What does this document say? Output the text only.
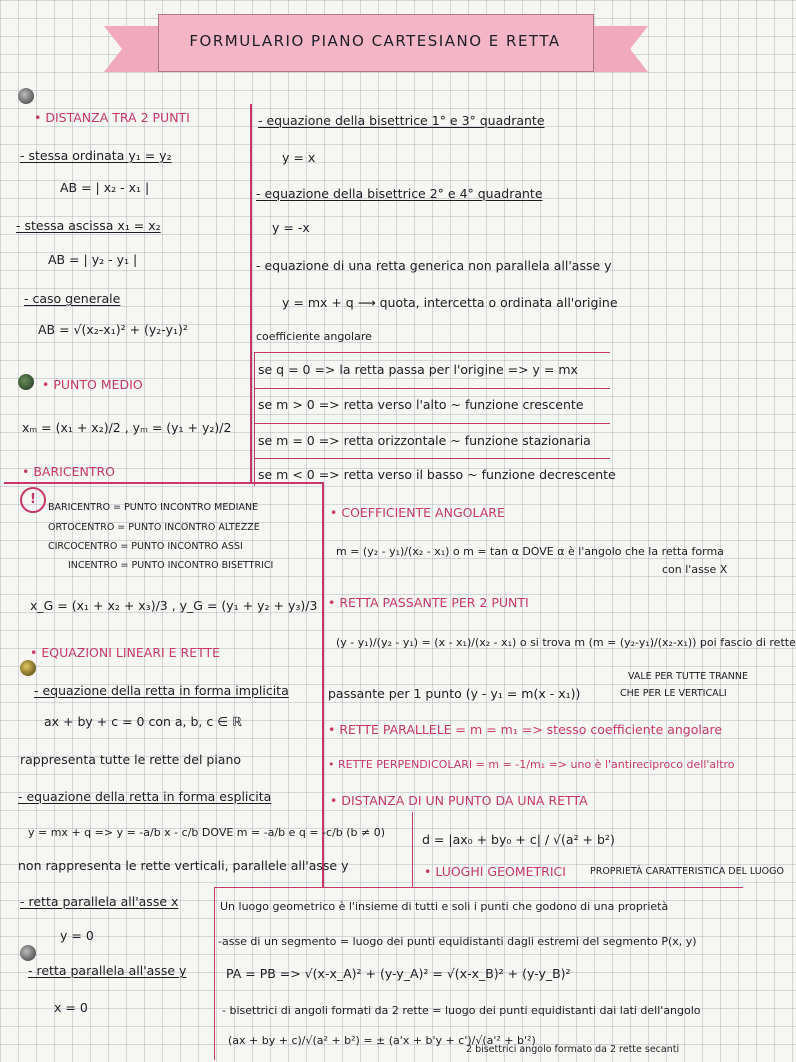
FORMULARIO PIANO CARTESIANO E RETTA
• DISTANZA TRA 2 PUNTI
- stessa ordinata y₁ = y₂
AB = | x₂ - x₁ |
- stessa ascissa x₁ = x₂
AB = | y₂ - y₁ |
- caso generale
AB = √(x₂-x₁)² + (y₂-y₁)²
• PUNTO MEDIO
xₘ = (x₁ + x₂)/2 , yₘ = (y₁ + y₂)/2
• BARICENTRO
!
BARICENTRO = PUNTO INCONTRO MEDIANE
ORTOCENTRO = PUNTO INCONTRO ALTEZZE
CIRCOCENTRO = PUNTO INCONTRO ASSI
INCENTRO = PUNTO INCONTRO BISETTRICI
x_G = (x₁ + x₂ + x₃)/3 , y_G = (y₁ + y₂ + y₃)/3
• EQUAZIONI LINEARI E RETTE
- equazione della retta in forma implicita
ax + by + c = 0 con a, b, c ∈ ℝ
rappresenta tutte le rette del piano
- equazione della retta in forma esplicita
y = mx + q => y = -a/b x - c/b DOVE m = -a/b e q = -c/b (b ≠ 0)
non rappresenta le rette verticali, parallele all'asse y
- retta parallela all'asse x
y = 0
- retta parallela all'asse y
x = 0
- equazione della bisettrice 1° e 3° quadrante
y = x
- equazione della bisettrice 2° e 4° quadrante
y = -x
- equazione di una retta generica non parallela all'asse y
y = mx + q ⟶ quota, intercetta o ordinata all'origine
coefficiente angolare
se q = 0 => la retta passa per l'origine => y = mx
se m > 0 => retta verso l'alto ~ funzione crescente
se m = 0 => retta orizzontale ~ funzione stazionaria
se m < 0 => retta verso il basso ~ funzione decrescente
• COEFFICIENTE ANGOLARE
m = (y₂ - y₁)/(x₂ - x₁) o m = tan α DOVE α è l'angolo che la retta forma
con l'asse X
• RETTA PASSANTE PER 2 PUNTI
(y - y₁)/(y₂ - y₁) = (x - x₁)/(x₂ - x₁) o si trova m (m = (y₂-y₁)/(x₂-x₁)) poi fascio di rette
VALE PER TUTTE TRANNE
passante per 1 punto (y - y₁ = m(x - x₁))	CHE PER LE VERTICALI
• RETTE PARALLELE = m = m₁ => stesso coefficiente angolare
• RETTE PERPENDICOLARI = m = -1/m₁ => uno è l'antireciproco dell'altro
• DISTANZA DI UN PUNTO DA UNA RETTA
d = |ax₀ + by₀ + c| / √(a² + b²)
• LUOGHI GEOMETRICI	PROPRIETÀ CARATTERISTICA DEL LUOGO
Un luogo geometrico è l'insieme di tutti e soli i punti che godono di una proprietà
-asse di un segmento = luogo dei punti equidistanti dagli estremi del segmento P(x, y)
PA = PB => √(x-x_A)² + (y-y_A)² = √(x-x_B)² + (y-y_B)²
- bisettrici di angoli formati da 2 rette = luogo dei punti equidistanti dai lati dell'angolo
(ax + by + c)/√(a² + b²) = ± (a'x + b'y + c')/√(a'² + b'²)
2 bisettrici angolo formato da 2 rette secanti
